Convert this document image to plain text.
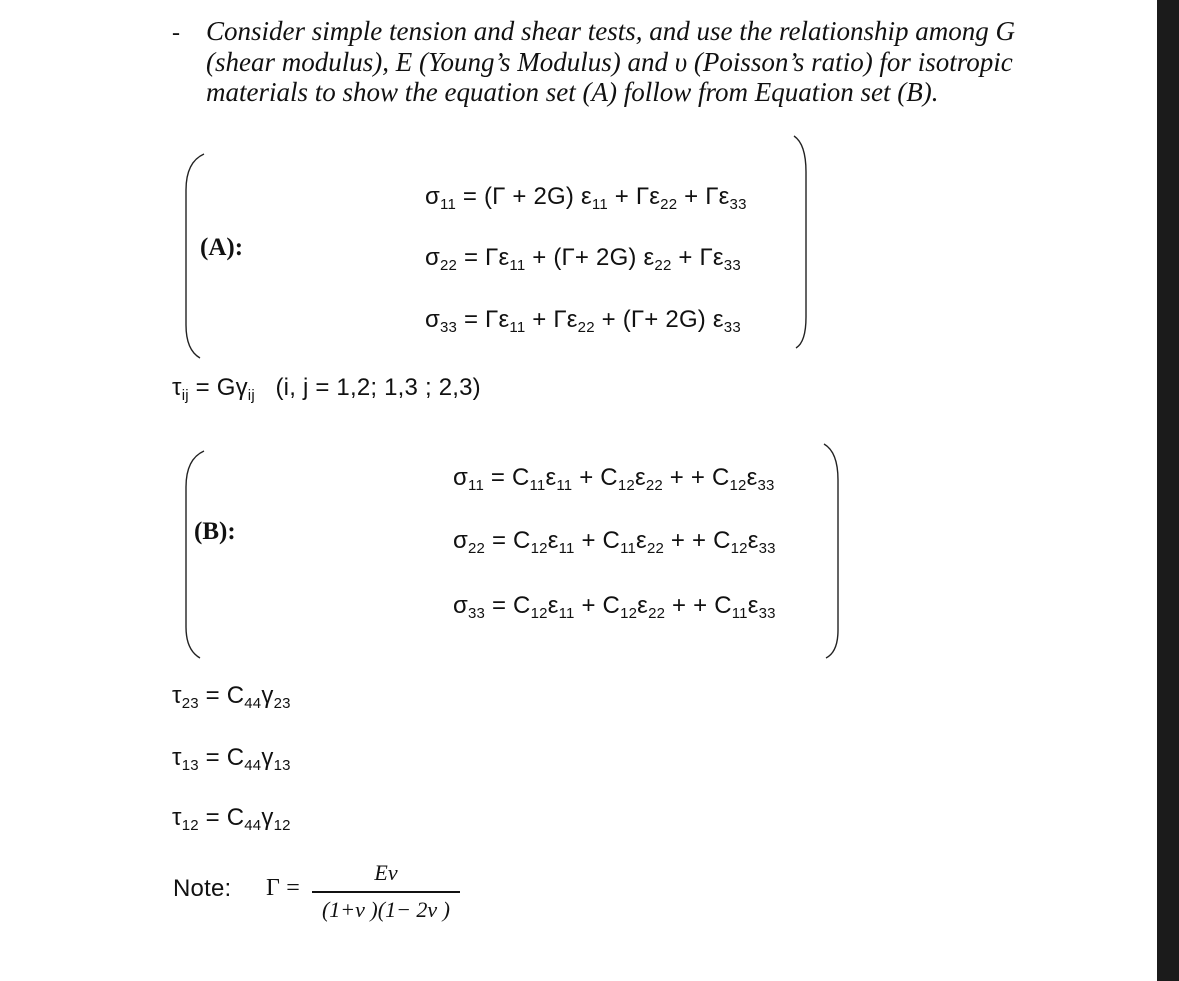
- Consider simple tension and shear tests, and use the relationship among G (shear modulus), E (Young’s Modulus) and υ (Poisson’s ratio) for isotropic materials to show the equation set (A) follow from Equation set (B).
(A):
$\sigma_{11} = (\Gamma + 2G) \varepsilon_{11} + \Gamma\varepsilon_{22} + \Gamma\varepsilon_{33}$
$\sigma_{22} = \Gamma\varepsilon_{11} + (\Gamma+ 2G) \varepsilon_{22} + \Gamma\varepsilon_{33}$
$\sigma_{33} = \Gamma\varepsilon_{11} + \Gamma\varepsilon_{22} + (\Gamma+ 2G)$ $\varepsilon_{33}$
$\tau_{ij} = G\gamma_{ij}$   (i, j = 1,2; 1,3 ; 2,3)
(B):
$\sigma_{11} = C_{11}\varepsilon_{11} + C_{12}\varepsilon_{22}$ + + $C_{12}\varepsilon_{33}$
$\sigma_{22} = C_{12}\varepsilon_{11} + C_{11}\varepsilon_{22}$ + + $C_{12}\varepsilon_{33}$
$\sigma_{33} = C_{12}\varepsilon_{11} + C_{12}\varepsilon_{22}$ + + $C_{11}\varepsilon_{33}$
$\tau_{23} = C_{44}\gamma_{23}$
$\tau_{13} = C_{44}\gamma_{13}$
$\tau_{12} = C_{44}\gamma_{12}$
Note: Γ =
Ev
(1+v )(1− 2v )
